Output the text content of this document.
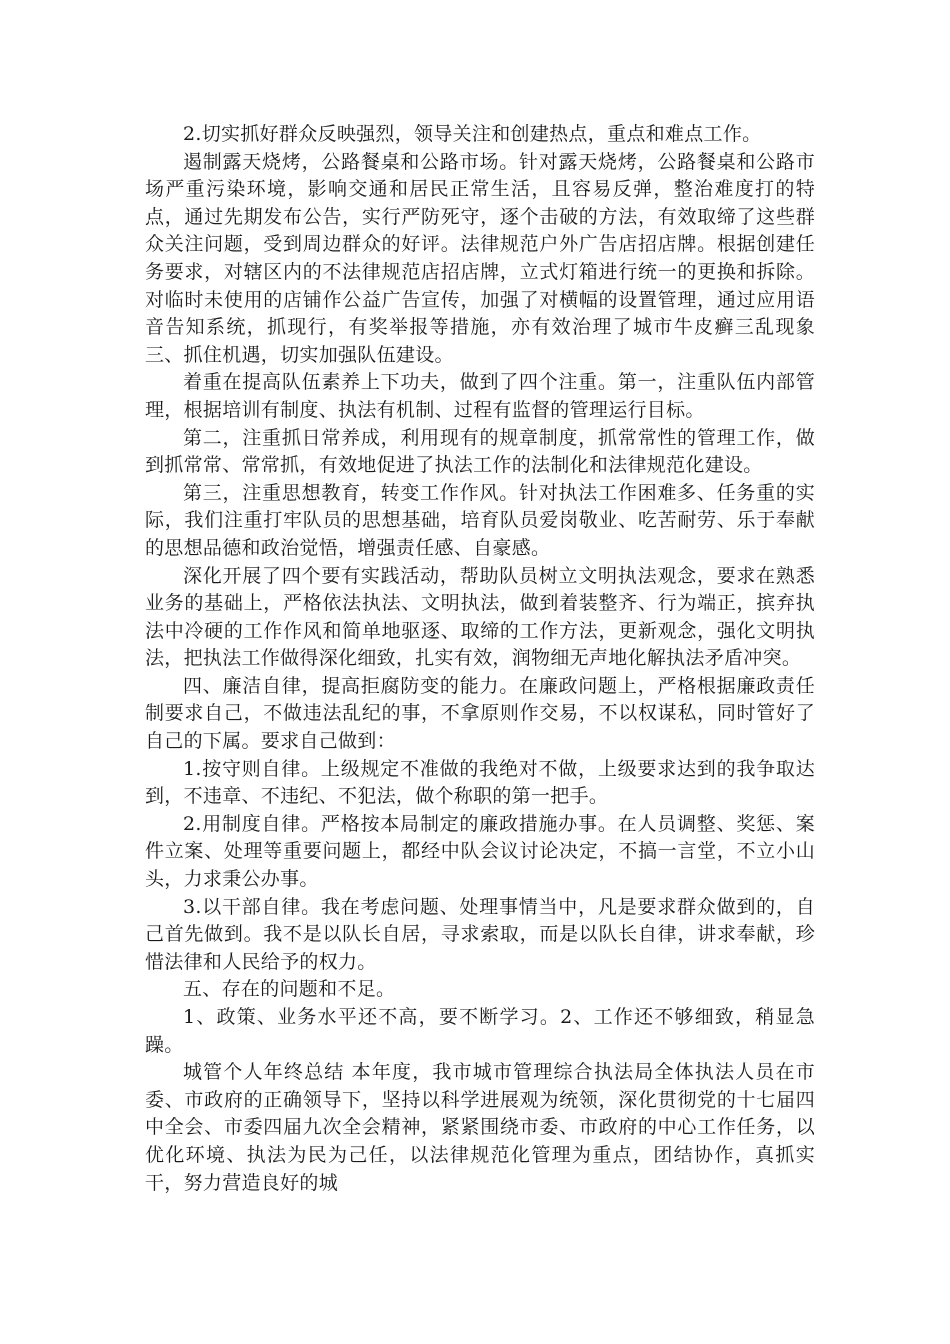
2.切实抓好群众反映强烈，领导关注和创建热点，重点和难点工作。

遏制露天烧烤，公路餐桌和公路市场。针对露天烧烤，公路餐桌和公路市场严重污染环境，影响交通和居民正常生活，且容易反弹，整治难度打的特点，通过先期发布公告，实行严防死守，逐个击破的方法，有效取缔了这些群众关注问题，受到周边群众的好评。法律规范户外广告店招店牌。根据创建任务要求，对辖区内的不法律规范店招店牌，立式灯箱进行统一的更换和拆除。对临时未使用的店铺作公益广告宣传，加强了对横幅的设置管理，通过应用语音告知系统，抓现行，有奖举报等措施，亦有效治理了城市牛皮癣三乱现象 三、抓住机遇，切实加强队伍建设。

着重在提高队伍素养上下功夫，做到了四个注重。第一，注重队伍内部管理，根据培训有制度、执法有机制、过程有监督的管理运行目标。

第二，注重抓日常养成，利用现有的规章制度，抓常常性的管理工作，做到抓常常、常常抓，有效地促进了执法工作的法制化和法律规范化建设。

第三，注重思想教育，转变工作作风。针对执法工作困难多、任务重的实际，我们注重打牢队员的思想基础，培育队员爱岗敬业、吃苦耐劳、乐于奉献的思想品德和政治觉悟，增强责任感、自豪感。

深化开展了四个要有实践活动，帮助队员树立文明执法观念，要求在熟悉业务的基础上，严格依法执法、文明执法，做到着装整齐、行为端正，摈弃执法中冷硬的工作作风和简单地驱逐、取缔的工作方法，更新观念，强化文明执法，把执法工作做得深化细致，扎实有效，润物细无声地化解执法矛盾冲突。

四、廉洁自律，提高拒腐防变的能力。在廉政问题上，严格根据廉政责任制要求自己，不做违法乱纪的事，不拿原则作交易，不以权谋私，同时管好了自己的下属。要求自己做到：

1.按守则自律。上级规定不准做的我绝对不做，上级要求达到的我争取达到，不违章、不违纪、不犯法，做个称职的第一把手。

2.用制度自律。严格按本局制定的廉政措施办事。在人员调整、奖惩、案件立案、处理等重要问题上，都经中队会议讨论决定，不搞一言堂，不立小山头，力求秉公办事。

3.以干部自律。我在考虑问题、处理事情当中，凡是要求群众做到的，自己首先做到。我不是以队长自居，寻求索取，而是以队长自律，讲求奉献，珍惜法律和人民给予的权力。

五、存在的问题和不足。

1、政策、业务水平还不高，要不断学习。2、工作还不够细致，稍显急躁。

城管个人年终总结 本年度，我市城市管理综合执法局全体执法人员在市委、市政府的正确领导下，坚持以科学进展观为统领，深化贯彻党的十七届四中全会、市委四届九次全会精神，紧紧围绕市委、市政府的中心工作任务，以优化环境、执法为民为己任，以法律规范化管理为重点，团结协作，真抓实干，努力营造良好的城
